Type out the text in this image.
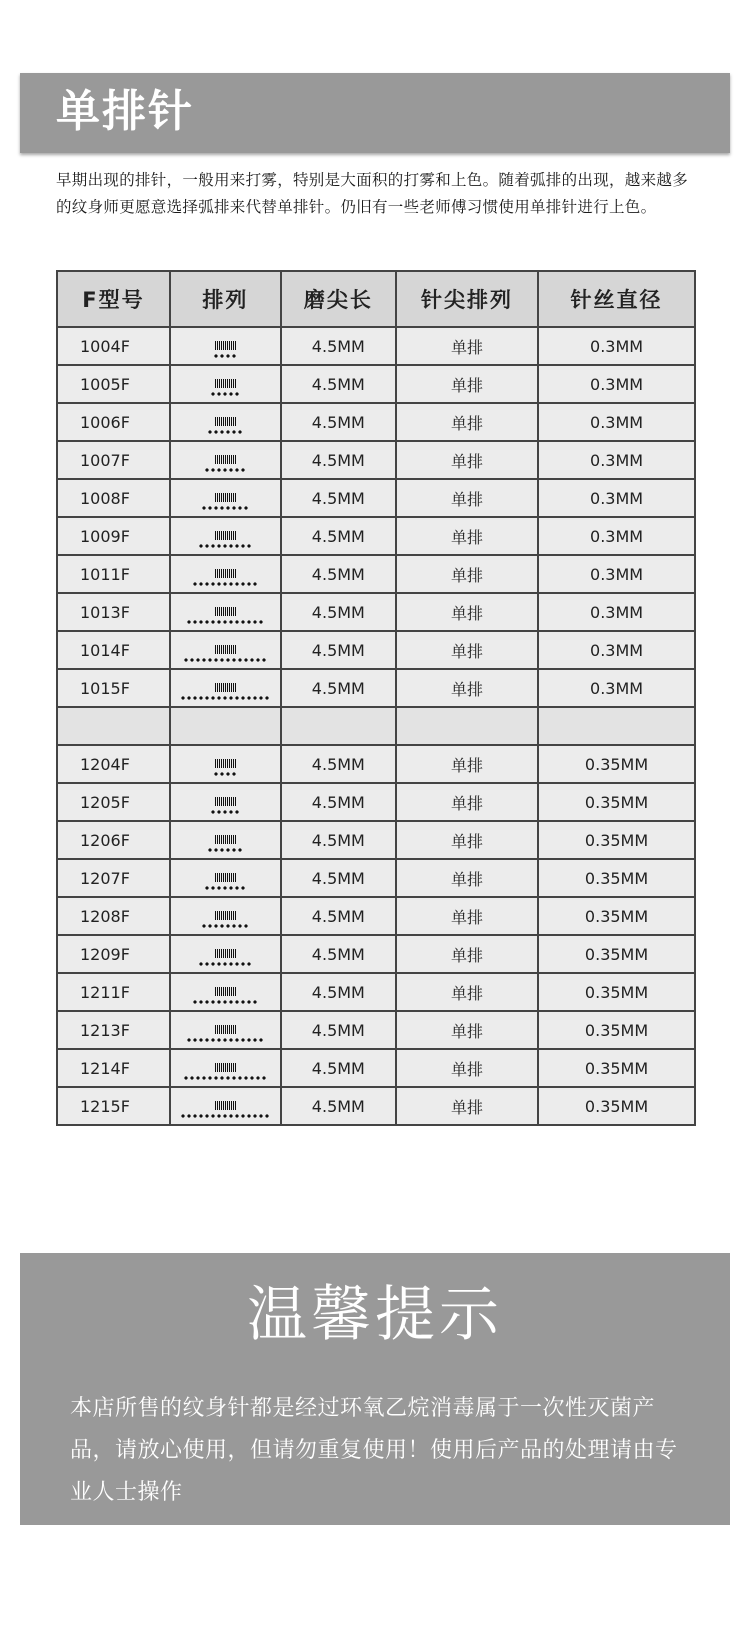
单排针
早期出现的排针，一般用来打雾，特别是大面积的打雾和上色。随着弧排的出现，越来越多的纹身师更愿意选择弧排来代替单排针。仍旧有一些老师傅习惯使用单排针进行上色。
F型号	排列	磨尖长	针尖排列	针丝直径
1004F		4.5MM	单排	0.3MM
1005F		4.5MM	单排	0.3MM
1006F		4.5MM	单排	0.3MM
1007F		4.5MM	单排	0.3MM
1008F		4.5MM	单排	0.3MM
1009F		4.5MM	单排	0.3MM
1011F		4.5MM	单排	0.3MM
1013F		4.5MM	单排	0.3MM
1014F		4.5MM	单排	0.3MM
1015F		4.5MM	单排	0.3MM

1204F		4.5MM	单排	0.35MM
1205F		4.5MM	单排	0.35MM
1206F		4.5MM	单排	0.35MM
1207F		4.5MM	单排	0.35MM
1208F		4.5MM	单排	0.35MM
1209F		4.5MM	单排	0.35MM
1211F		4.5MM	单排	0.35MM
1213F		4.5MM	单排	0.35MM
1214F		4.5MM	单排	0.35MM
1215F		4.5MM	单排	0.35MM
温馨提示
本店所售的纹身针都是经过环氧乙烷消毒属于一次性灭菌产品，请放心使用，但请勿重复使用！使用后产品的处理请由专业人士操作
